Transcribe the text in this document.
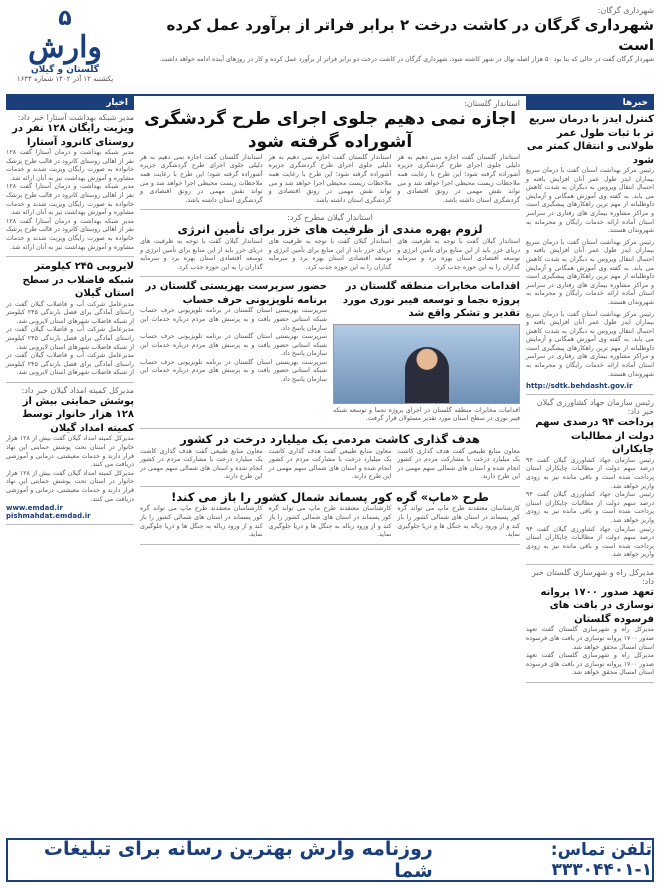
۵
وارش
گلستان و گیلان
یکشنبه ۱۲ آذر ۱۴۰۲ شماره ۱۶۳۴
شهرداری گرگان:
شهرداری گرگان در کاشت درخت ۲ برابر فراتر از برآورد عمل کرده است

شهردار گرگان گفت در حالی که بنا بود ۵۰ هزار اصله نهال در شهر کاشته شود، شهرداری گرگان در کاشت درخت دو برابر فراتر از برآورد عمل کرده و کار در روزهای آینده ادامه خواهد داشت.

خبرها
کنترل ایدز با درمان سریع تر با ثبات طول عمر طولانی و انتقال کمتر می شود

رئیس مرکز بهداشت استان گفت با درمان سریع بیماران ایدز طول عمر آنان افزایش یافته و احتمال انتقال ویروس به دیگران به شدت کاهش می یابد. به گفته وی آموزش همگانی و آزمایش داوطلبانه از مهم ترین راهکارهای پیشگیری است و مراکز مشاوره بیماری های رفتاری در سراسر استان آماده ارائه خدمات رایگان و محرمانه به شهروندان هستند.

رئیس مرکز بهداشت استان گفت با درمان سریع بیماران ایدز طول عمر آنان افزایش یافته و احتمال انتقال ویروس به دیگران به شدت کاهش می یابد. به گفته وی آموزش همگانی و آزمایش داوطلبانه از مهم ترین راهکارهای پیشگیری است و مراکز مشاوره بیماری های رفتاری در سراسر استان آماده ارائه خدمات رایگان و محرمانه به شهروندان هستند.

رئیس مرکز بهداشت استان گفت با درمان سریع بیماران ایدز طول عمر آنان افزایش یافته و احتمال انتقال ویروس به دیگران به شدت کاهش می یابد. به گفته وی آموزش همگانی و آزمایش داوطلبانه از مهم ترین راهکارهای پیشگیری است و مراکز مشاوره بیماری های رفتاری در سراسر استان آماده ارائه خدمات رایگان و محرمانه به شهروندان هستند.

http://sdtk.behdasht.gov.ir
رئیس سازمان جهاد کشاورزی گیلان خبر داد:
پرداخت ۹۴ درصدی سهم دولت از مطالبات چایکاران

رئیس سازمان جهاد کشاورزی گیلان گفت ۹۴ درصد سهم دولت از مطالبات چایکاران استان پرداخت شده است و باقی مانده نیز به زودی واریز خواهد شد.

رئیس سازمان جهاد کشاورزی گیلان گفت ۹۴ درصد سهم دولت از مطالبات چایکاران استان پرداخت شده است و باقی مانده نیز به زودی واریز خواهد شد.

رئیس سازمان جهاد کشاورزی گیلان گفت ۹۴ درصد سهم دولت از مطالبات چایکاران استان پرداخت شده است و باقی مانده نیز به زودی واریز خواهد شد.

مدیرکل راه و شهرسازی گلستان خبر داد:
تعهد صدور ۱۷۰۰ پروانه نوسازی در بافت های فرسوده گلستان

مدیرکل راه و شهرسازی گلستان گفت تعهد صدور ۱۷۰۰ پروانه نوسازی در بافت های فرسوده استان امسال محقق خواهد شد.

مدیرکل راه و شهرسازی گلستان گفت تعهد صدور ۱۷۰۰ پروانه نوسازی در بافت های فرسوده استان امسال محقق خواهد شد.

اخبار
مدیر شبکه بهداشت آستارا خبر داد:
ویزیت رایگان ۱۲۸ نفر در روستای کانرود آستارا

مدیر شبکه بهداشت و درمان آستارا گفت ۱۲۸ نفر از اهالی روستای کانرود در قالب طرح پزشک خانواده به صورت رایگان ویزیت شدند و خدمات مشاوره و آموزش بهداشت نیز به آنان ارائه شد.

مدیر شبکه بهداشت و درمان آستارا گفت ۱۲۸ نفر از اهالی روستای کانرود در قالب طرح پزشک خانواده به صورت رایگان ویزیت شدند و خدمات مشاوره و آموزش بهداشت نیز به آنان ارائه شد.

مدیر شبکه بهداشت و درمان آستارا گفت ۱۲۸ نفر از اهالی روستای کانرود در قالب طرح پزشک خانواده به صورت رایگان ویزیت شدند و خدمات مشاوره و آموزش بهداشت نیز به آنان ارائه شد.

لایروبی ۲۴۵ کیلومتر شبکه فاضلاب در سطح استان گیلان

مدیرعامل شرکت آب و فاضلاب گیلان گفت در راستای آمادگی برای فصل بارندگی ۲۴۵ کیلومتر از شبکه فاضلاب شهرهای استان لایروبی شد.

مدیرعامل شرکت آب و فاضلاب گیلان گفت در راستای آمادگی برای فصل بارندگی ۲۴۵ کیلومتر از شبکه فاضلاب شهرهای استان لایروبی شد.

مدیرعامل شرکت آب و فاضلاب گیلان گفت در راستای آمادگی برای فصل بارندگی ۲۴۵ کیلومتر از شبکه فاضلاب شهرهای استان لایروبی شد.

مدیرکل کمیته امداد گیلان خبر داد:
پوشش حمایتی بیش از ۱۲۸ هزار خانوار توسط کمیته امداد گیلان

مدیرکل کمیته امداد گیلان گفت بیش از ۱۲۸ هزار خانوار در استان تحت پوشش حمایتی این نهاد قرار دارند و خدمات معیشتی، درمانی و آموزشی دریافت می کنند.

مدیرکل کمیته امداد گیلان گفت بیش از ۱۲۸ هزار خانوار در استان تحت پوشش حمایتی این نهاد قرار دارند و خدمات معیشتی، درمانی و آموزشی دریافت می کنند.

www.emdad.ir
pishmahdat.emdad.ir
استاندار گلستان:
اجازه نمی دهیم جلوی اجرای طرح گردشگری آشوراده گرفته شود

استاندار گلستان گفت اجازه نمی دهیم به هر دلیلی جلوی اجرای طرح گردشگری جزیره آشوراده گرفته شود؛ این طرح با رعایت همه ملاحظات زیست محیطی اجرا خواهد شد و می تواند نقش مهمی در رونق اقتصادی و گردشگری استان داشته باشد.

استاندار گلستان گفت اجازه نمی دهیم به هر دلیلی جلوی اجرای طرح گردشگری جزیره آشوراده گرفته شود؛ این طرح با رعایت همه ملاحظات زیست محیطی اجرا خواهد شد و می تواند نقش مهمی در رونق اقتصادی و گردشگری استان داشته باشد.

استاندار گلستان گفت اجازه نمی دهیم به هر دلیلی جلوی اجرای طرح گردشگری جزیره آشوراده گرفته شود؛ این طرح با رعایت همه ملاحظات زیست محیطی اجرا خواهد شد و می تواند نقش مهمی در رونق اقتصادی و گردشگری استان داشته باشد.

استاندار گیلان مطرح کرد:
لزوم بهره مندی از ظرفیت های خزر برای تأمین انرژی

استاندار گیلان گفت با توجه به ظرفیت های دریای خزر باید از این منابع برای تأمین انرژی و توسعه اقتصادی استان بهره برد و سرمایه گذاران را به این حوزه جذب کرد.

استاندار گیلان گفت با توجه به ظرفیت های دریای خزر باید از این منابع برای تأمین انرژی و توسعه اقتصادی استان بهره برد و سرمایه گذاران را به این حوزه جذب کرد.

استاندار گیلان گفت با توجه به ظرفیت های دریای خزر باید از این منابع برای تأمین انرژی و توسعه اقتصادی استان بهره برد و سرمایه گذاران را به این حوزه جذب کرد.

اقدامات مخابرات منطقه گلستان در پروژه نجما و توسعه فیبر نوری مورد تقدیر و تشکر واقع شد

اقدامات مخابرات منطقه گلستان در اجرای پروژه نجما و توسعه شبکه فیبر نوری در سطح استان مورد تقدیر مسئولان قرار گرفت.

حضور سرپرست بهزیستی گلستان در برنامه تلویزیونی حرف حساب

سرپرست بهزیستی استان گلستان در برنامه تلویزیونی حرف حساب شبکه استانی حضور یافت و به پرسش های مردم درباره خدمات این سازمان پاسخ داد.

سرپرست بهزیستی استان گلستان در برنامه تلویزیونی حرف حساب شبکه استانی حضور یافت و به پرسش های مردم درباره خدمات این سازمان پاسخ داد.

سرپرست بهزیستی استان گلستان در برنامه تلویزیونی حرف حساب شبکه استانی حضور یافت و به پرسش های مردم درباره خدمات این سازمان پاسخ داد.

هدف گذاری کاشت مردمی یک میلیارد درخت در کشور

معاون منابع طبیعی گفت هدف گذاری کاشت یک میلیارد درخت با مشارکت مردم در کشور انجام شده و استان های شمالی سهم مهمی در این طرح دارند.

معاون منابع طبیعی گفت هدف گذاری کاشت یک میلیارد درخت با مشارکت مردم در کشور انجام شده و استان های شمالی سهم مهمی در این طرح دارند.

معاون منابع طبیعی گفت هدف گذاری کاشت یک میلیارد درخت با مشارکت مردم در کشور انجام شده و استان های شمالی سهم مهمی در این طرح دارند.

طرح «ماپ» گره کور پسماند شمال کشور را باز می کند!

کارشناسان معتقدند طرح ماپ می تواند گره کور پسماند در استان های شمالی کشور را باز کند و از ورود زباله به جنگل ها و دریا جلوگیری نماید.

کارشناسان معتقدند طرح ماپ می تواند گره کور پسماند در استان های شمالی کشور را باز کند و از ورود زباله به جنگل ها و دریا جلوگیری نماید.

کارشناسان معتقدند طرح ماپ می تواند گره کور پسماند در استان های شمالی کشور را باز کند و از ورود زباله به جنگل ها و دریا جلوگیری نماید.

تلفن تماس: ۱-۳۳۳۰۴۴۰۱
روزنامه وارش بهترین رسانه برای تبلیغات شما
